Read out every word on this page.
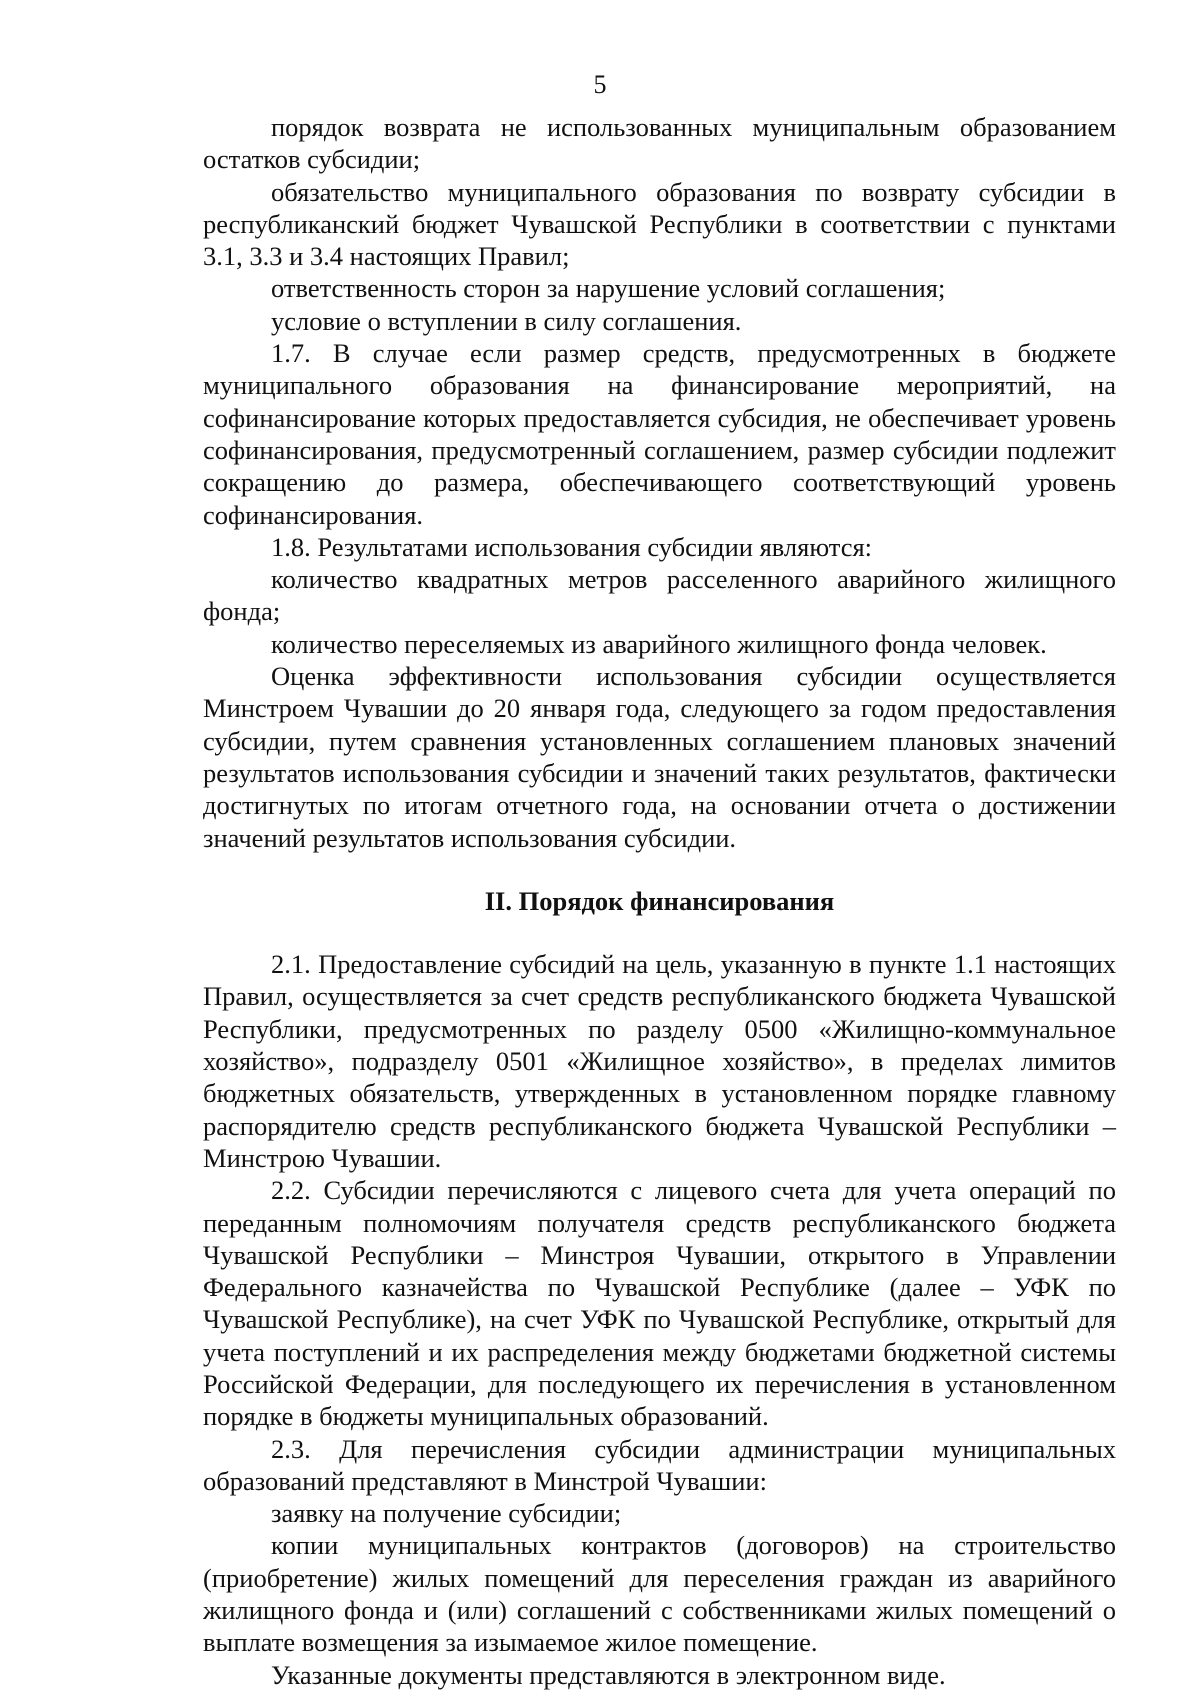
5

порядок возврата не использованных муниципальным образованием остатков субсидии;

обязательство муниципального образования по возврату субсидии в республиканский бюджет Чувашской Республики в соответствии с пунктами 3.1, 3.3 и 3.4 настоящих Правил;

ответственность сторон за нарушение условий соглашения;

условие о вступлении в силу соглашения.

1.7. В случае если размер средств, предусмотренных в бюджете муниципального образования на финансирование мероприятий, на софинансирование которых предоставляется субсидия, не обеспечивает уровень софинансирования, предусмотренный соглашением, размер субсидии подлежит сокращению до размера, обеспечивающего соответствующий уровень софинансирования.

1.8. Результатами использования субсидии являются:

количество квадратных метров расселенного аварийного жилищного фонда;

количество переселяемых из аварийного жилищного фонда человек.

Оценка эффективности использования субсидии осуществляется Минстроем Чувашии до 20 января года, следующего за годом предоставления субсидии, путем сравнения установленных соглашением плановых значений результатов использования субсидии и значений таких результатов, фактически достигнутых по итогам отчетного года, на основании отчета о достижении значений результатов использования субсидии.

II. Порядок финансирования

2.1. Предоставление субсидий на цель, указанную в пункте 1.1 настоящих Правил, осуществляется за счет средств республиканского бюджета Чувашской Республики, предусмотренных по разделу 0500 «Жилищно-коммунальное хозяйство», подразделу 0501 «Жилищное хозяйство», в пределах лимитов бюджетных обязательств, утвержденных в установленном порядке главному распорядителю средств республиканского бюджета Чувашской Республики – Минстрою Чувашии.

2.2. Субсидии перечисляются с лицевого счета для учета операций по переданным полномочиям получателя средств республиканского бюджета Чувашской Республики – Минстроя Чувашии, открытого в Управлении Федерального казначейства по Чувашской Республике (далее – УФК по Чувашской Республике), на счет УФК по Чувашской Республике, открытый для учета поступлений и их распределения между бюджетами бюджетной системы Российской Федерации, для последующего их перечисления в установленном порядке в бюджеты муниципальных образований.

2.3. Для перечисления субсидии администрации муниципальных образований представляют в Минстрой Чувашии:

заявку на получение субсидии;

копии муниципальных контрактов (договоров) на строительство (приобретение) жилых помещений для переселения граждан из аварийного жилищного фонда и (или) соглашений с собственниками жилых помещений о выплате возмещения за изымаемое жилое помещение.

Указанные документы представляются в электронном виде.
